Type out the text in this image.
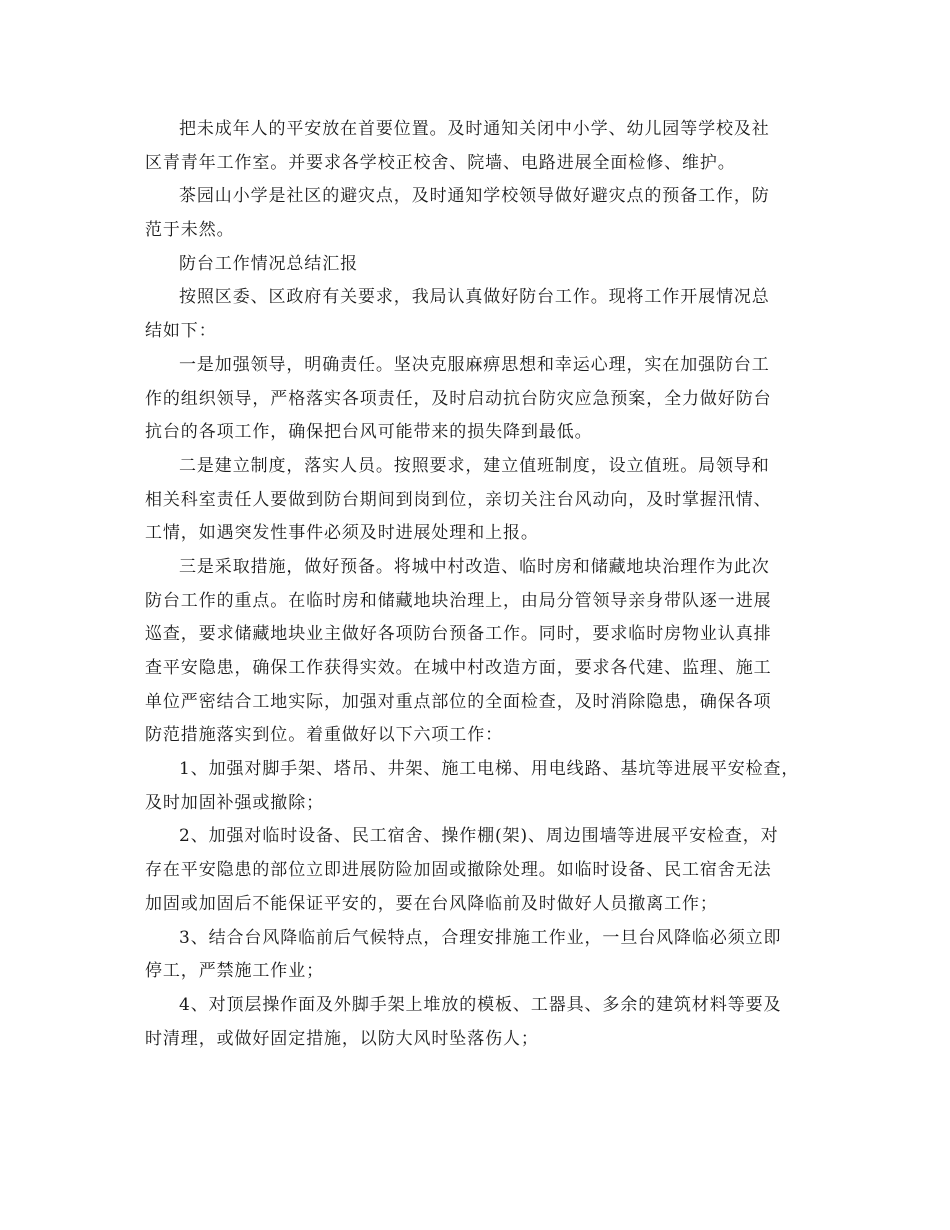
把未成年人的平安放在首要位置。及时通知关闭中小学、幼儿园等学校及社
区青青年工作室。并要求各学校正校舍、院墙、电路进展全面检修、维护。
茶园山小学是社区的避灾点，及时通知学校领导做好避灾点的预备工作，防
范于未然。
防台工作情况总结汇报
按照区委、区政府有关要求，我局认真做好防台工作。现将工作开展情况总
结如下：
一是加强领导，明确责任。坚决克服麻痹思想和幸运心理，实在加强防台工
作的组织领导，严格落实各项责任，及时启动抗台防灾应急预案，全力做好防台
抗台的各项工作，确保把台风可能带来的损失降到最低。
二是建立制度，落实人员。按照要求，建立值班制度，设立值班。局领导和
相关科室责任人要做到防台期间到岗到位，亲切关注台风动向，及时掌握汛情、
工情，如遇突发性事件必须及时进展处理和上报。
三是采取措施，做好预备。将城中村改造、临时房和储藏地块治理作为此次
防台工作的重点。在临时房和储藏地块治理上，由局分管领导亲身带队逐一进展
巡查，要求储藏地块业主做好各项防台预备工作。同时，要求临时房物业认真排
查平安隐患，确保工作获得实效。在城中村改造方面，要求各代建、监理、施工
单位严密结合工地实际，加强对重点部位的全面检查，及时消除隐患，确保各项
防范措施落实到位。着重做好以下六项工作：
1、加强对脚手架、塔吊、井架、施工电梯、用电线路、基坑等进展平安检查，
及时加固补强或撤除；
2、加强对临时设备、民工宿舍、操作棚(架)、周边围墙等进展平安检查，对
存在平安隐患的部位立即进展防险加固或撤除处理。如临时设备、民工宿舍无法
加固或加固后不能保证平安的，要在台风降临前及时做好人员撤离工作；
3、结合台风降临前后气候特点，合理安排施工作业，一旦台风降临必须立即
停工，严禁施工作业；
4、对顶层操作面及外脚手架上堆放的模板、工器具、多余的建筑材料等要及
时清理，或做好固定措施，以防大风时坠落伤人；
